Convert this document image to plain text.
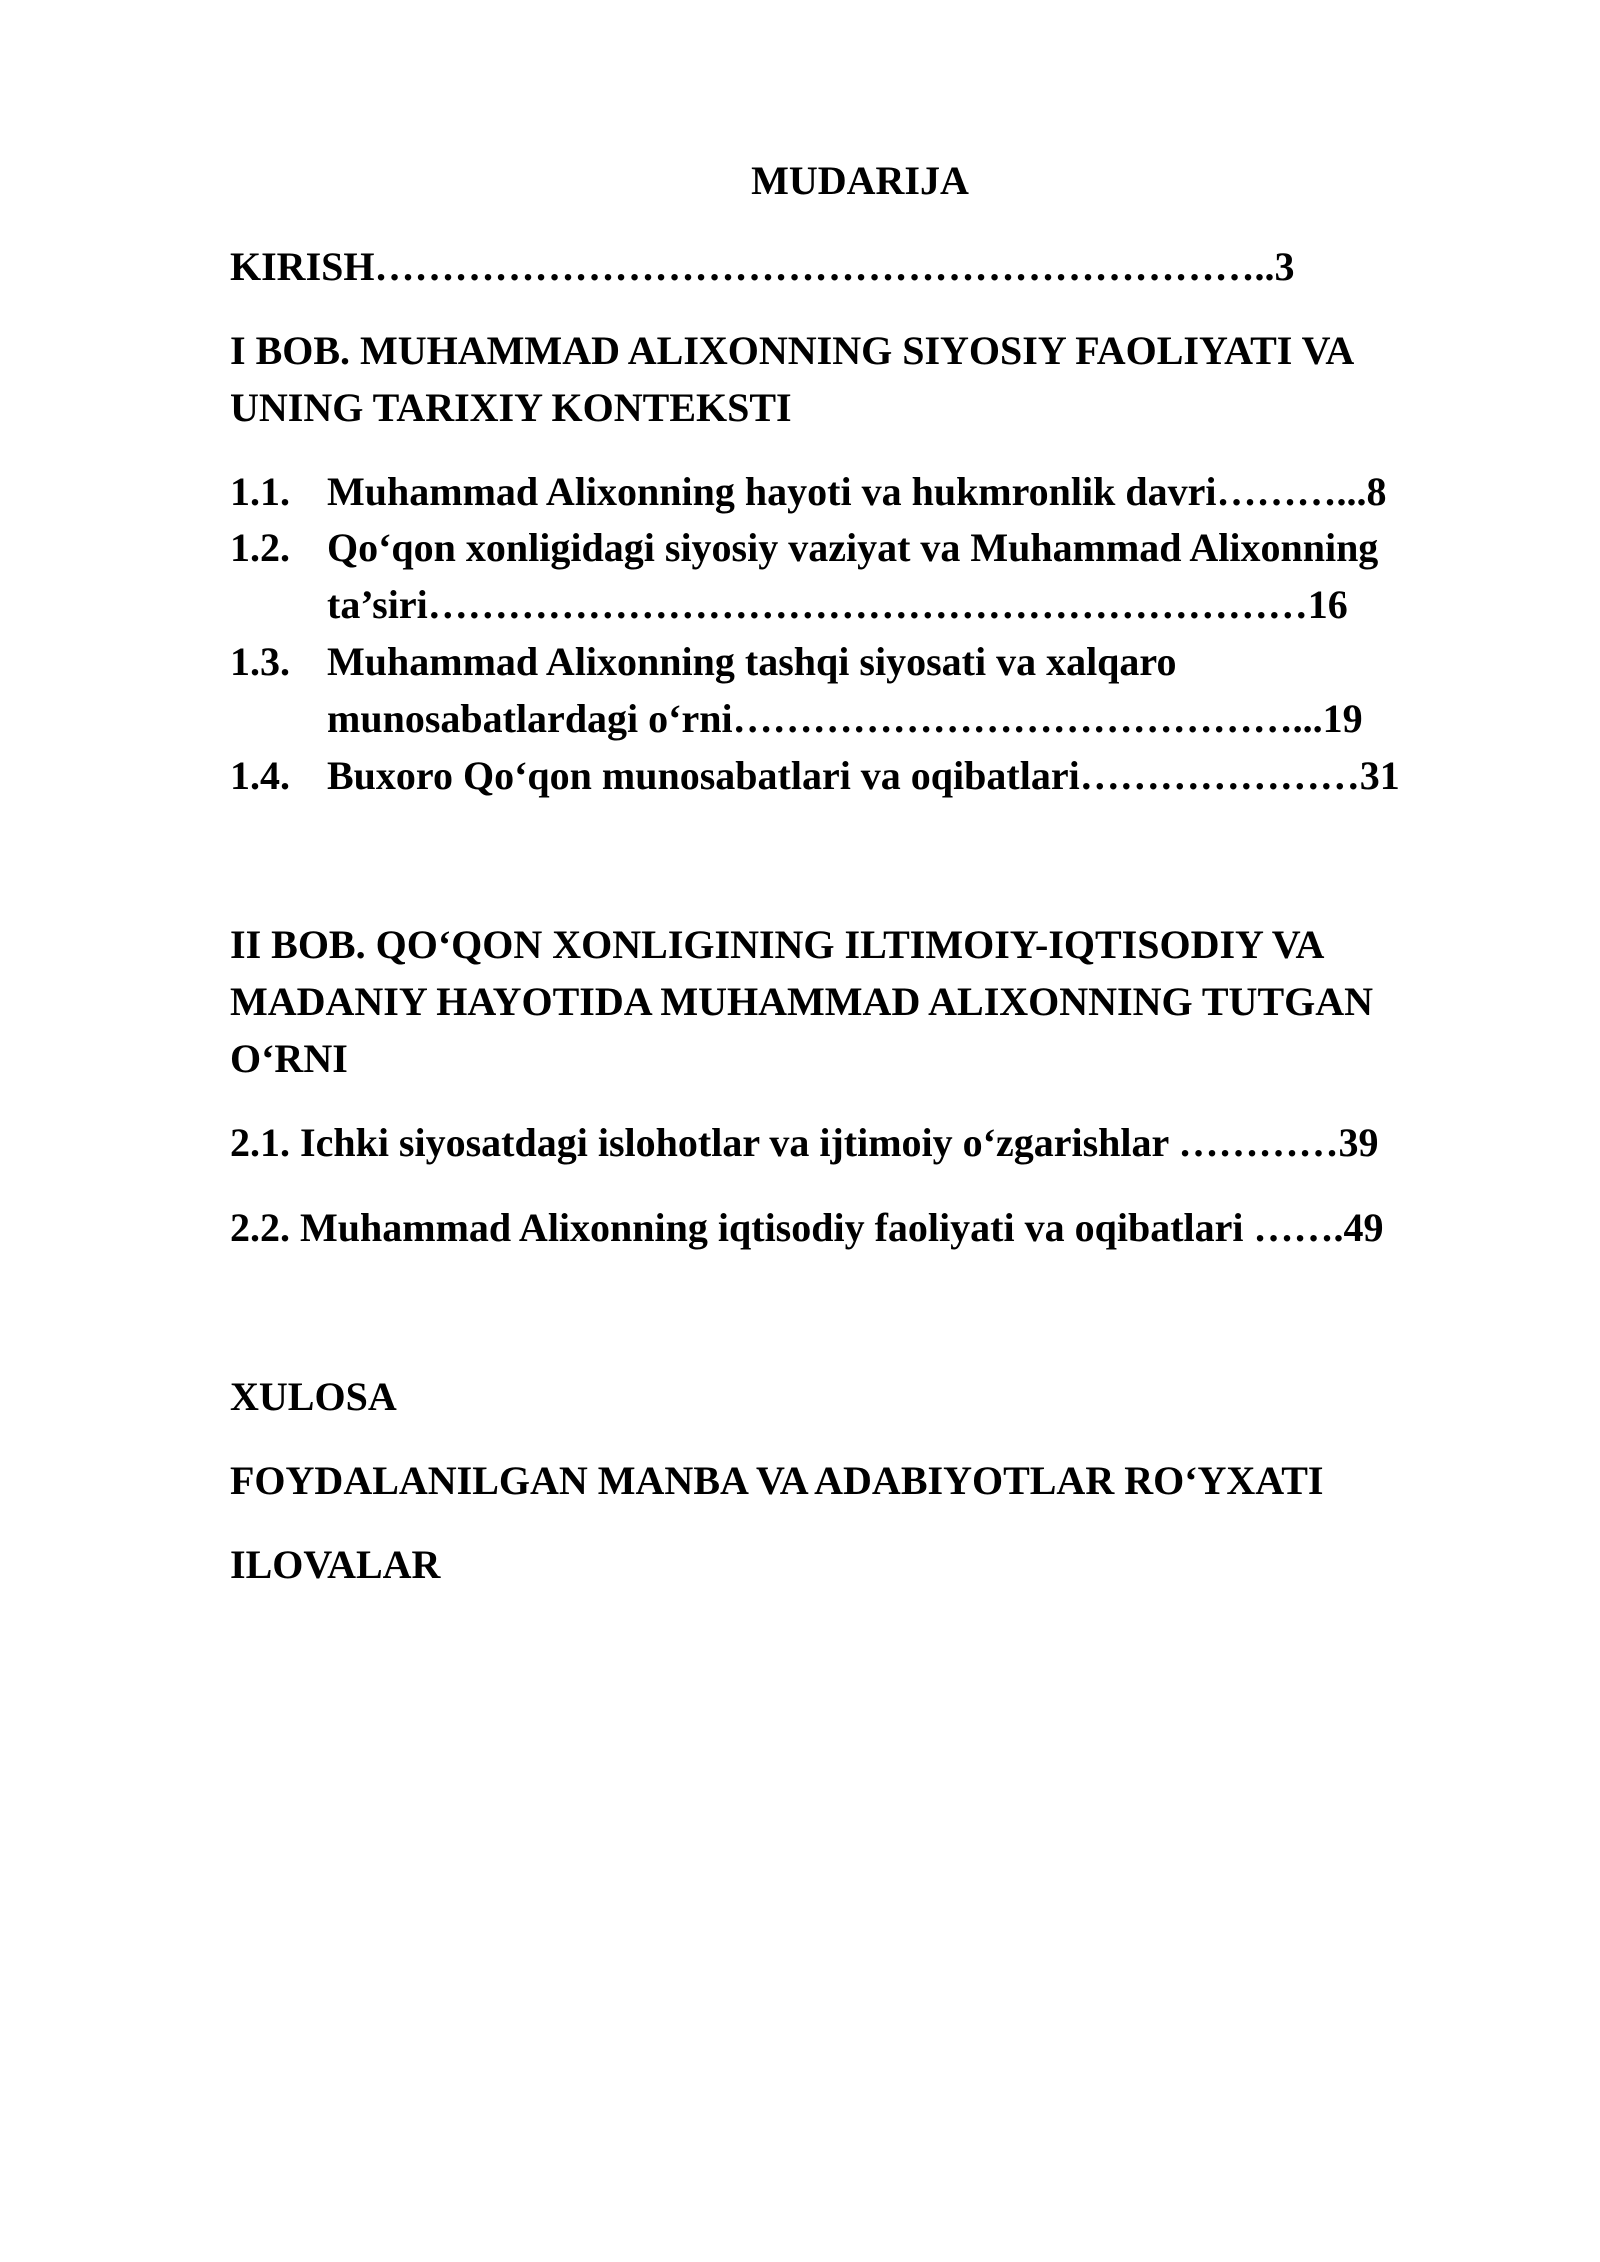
MUDARIJA
KIRISH…………………………………………………………..3
I BOB. MUHAMMAD ALIXONNING SIYOSIY FAOLIYATI VA
UNING TARIXIY KONTEKSTI
1.1. Muhammad Alixonning hayoti va hukmronlik davri………...8
1.2. Qo‘qon xonligidagi siyosiy vaziyat va Muhammad Alixonning
ta’siri…………………………………………………………16
1.3. Muhammad Alixonning tashqi siyosati va xalqaro
munosabatlardagi o‘rni……………………………………...19
1.4. Buxoro Qo‘qon munosabatlari va oqibatlari…………………31
II BOB. QO‘QON XONLIGINING ILTIMOIY-IQTISODIY VA
MADANIY HAYOTIDA MUHAMMAD ALIXONNING TUTGAN
O‘RNI
2.1. Ichki siyosatdagi islohotlar va ijtimoiy o‘zgarishlar …………39
2.2. Muhammad Alixonning iqtisodiy faoliyati va oqibatlari …….49
XULOSA
FOYDALANILGAN MANBA VA ADABIYOTLAR RO‘YXATI
ILOVALAR
